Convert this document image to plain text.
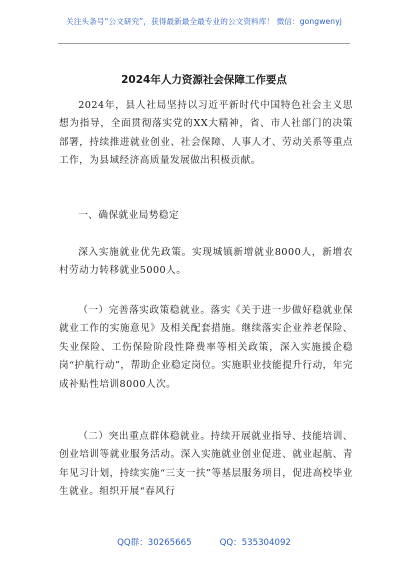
关注头条号“公文研究”，获得最新最全最专业的公文资料库！ 微信：gongwenyj
2024年人力资源社会保障工作要点

2024年，县人社局坚持以习近平新时代中国特色社会主义思想为指导，全面贯彻落实党的XX大精神，省、市人社部门的决策部署，持续推进就业创业、社会保障、人事人才、劳动关系等重点工作，为县域经济高质量发展做出积极贡献。

一、确保就业局势稳定

深入实施就业优先政策。实现城镇新增就业8000人，新增农村劳动力转移就业5000人。

（一）完善落实政策稳就业。落实《关于进一步做好稳就业保就业工作的实施意见》及相关配套措施。继续落实企业养老保险、失业保险、工伤保险阶段性降费率等相关政策，深入实施援企稳岗“护航行动”，帮助企业稳定岗位。实施职业技能提升行动，年完成补贴性培训8000人次。

（二）突出重点群体稳就业。持续开展就业指导、技能培训、创业培训等就业服务活动。深入实施就业创业促进、就业起航、青年见习计划，持续实施“三支一扶”等基层服务项目，促进高校毕业生就业。组织开展“春风行

QQ群：30265665	QQ：535304092
